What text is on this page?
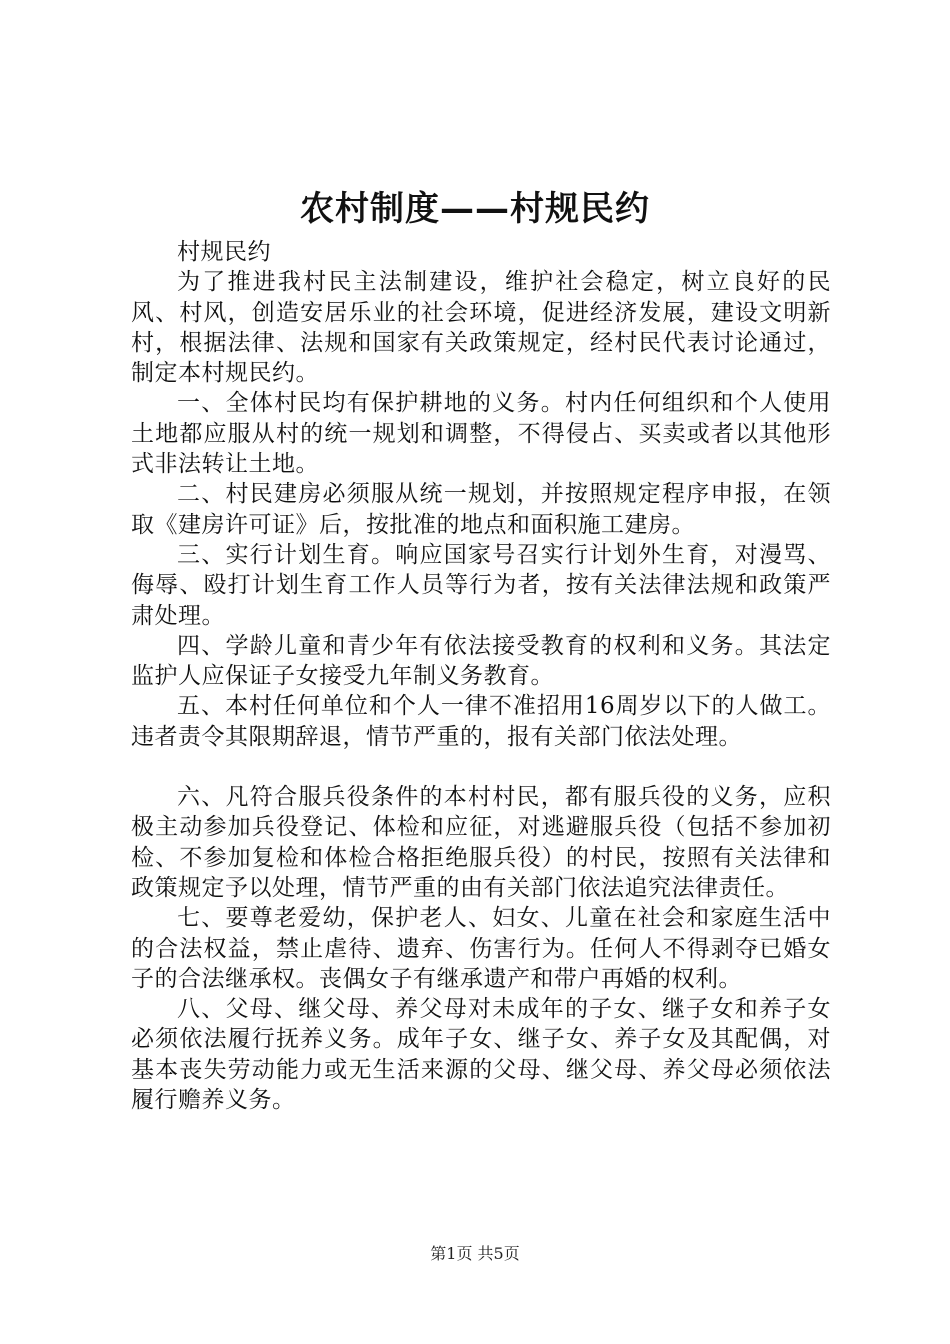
农村制度——村规民约

村规民约

为了推进我村民主法制建设，维护社会稳定，树立良好的民风、村风，创造安居乐业的社会环境，促进经济发展，建设文明新村，根据法律、法规和国家有关政策规定，经村民代表讨论通过，制定本村规民约。

一、全体村民均有保护耕地的义务。村内任何组织和个人使用土地都应服从村的统一规划和调整，不得侵占、买卖或者以其他形式非法转让土地。

二、村民建房必须服从统一规划，并按照规定程序申报，在领取《建房许可证》后，按批准的地点和面积施工建房。

三、实行计划生育。响应国家号召实行计划外生育，对漫骂、侮辱、殴打计划生育工作人员等行为者，按有关法律法规和政策严肃处理。

四、学龄儿童和青少年有依法接受教育的权利和义务。其法定监护人应保证子女接受九年制义务教育。

五、本村任何单位和个人一律不准招用16周岁以下的人做工。违者责令其限期辞退，情节严重的，报有关部门依法处理。

六、凡符合服兵役条件的本村村民，都有服兵役的义务，应积极主动参加兵役登记、体检和应征，对逃避服兵役（包括不参加初检、不参加复检和体检合格拒绝服兵役）的村民，按照有关法律和政策规定予以处理，情节严重的由有关部门依法追究法律责任。

七、要尊老爱幼，保护老人、妇女、儿童在社会和家庭生活中的合法权益，禁止虐待、遗弃、伤害行为。任何人不得剥夺已婚女子的合法继承权。丧偶女子有继承遗产和带户再婚的权利。

八、父母、继父母、养父母对未成年的子女、继子女和养子女必须依法履行抚养义务。成年子女、继子女、养子女及其配偶，对基本丧失劳动能力或无生活来源的父母、继父母、养父母必须依法履行赡养义务。

第1页 共5页
